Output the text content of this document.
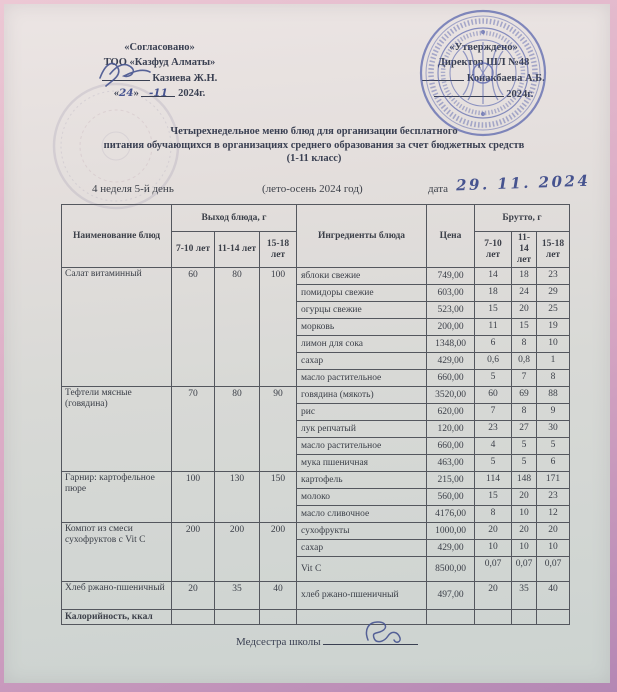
«Согласовано»
ТОО «Казфуд Алматы»
Казиева Ж.Н.
«24» -11 2024г.
«Утверждено»
Директор ШЛ №48
Конакбаева А.Б.
2024г.
Четырехнедельное меню блюд для организации бесплатного
питания обучающихся в организациях среднего образования за счет бюджетных средств
(1-11 класс)
4 неделя 5-й день	(лето-осень 2024 год)	дата 29. 11. 2024
Наименование блюд	Выход блюда, г			Ингредиенты блюда	Цена	Брутто, г		
	7-10 лет	11-14 лет	15-18 лет			7-10 лет	11-14 лет	15-18 лет
Салат витаминный	60	80	100	яблоки свежие	749,00	14	18	23
				помидоры свежие	603,00	18	24	29
				огурцы свежие	523,00	15	20	25
				морковь	200,00	11	15	19
				лимон для сока	1348,00	6	8	10
				сахар	429,00	0,6	0,8	1
				масло растительное	660,00	5	7	8
Тефтели мясные (говядина)	70	80	90	говядина (мякоть)	3520,00	60	69	88
				рис	620,00	7	8	9
				лук репчатый	120,00	23	27	30
				масло растительное	660,00	4	5	5
				мука пшеничная	463,00	5	5	6
Гарнир: картофельное пюре	100	130	150	картофель	215,00	114	148	171
				молоко	560,00	15	20	23
				масло сливочное	4176,00	8	10	12
Компот из смеси сухофруктов с Vit C	200	200	200	сухофрукты	1000,00	20	20	20
				сахар	429,00	10	10	10
				Vit C	8500,00	0,07	0,07	0,07
Хлеб ржано-пшеничный	20	35	40	хлеб ржано-пшеничный	497,00	20	35	40
Калорийность, ккал								
Медсестра школы
